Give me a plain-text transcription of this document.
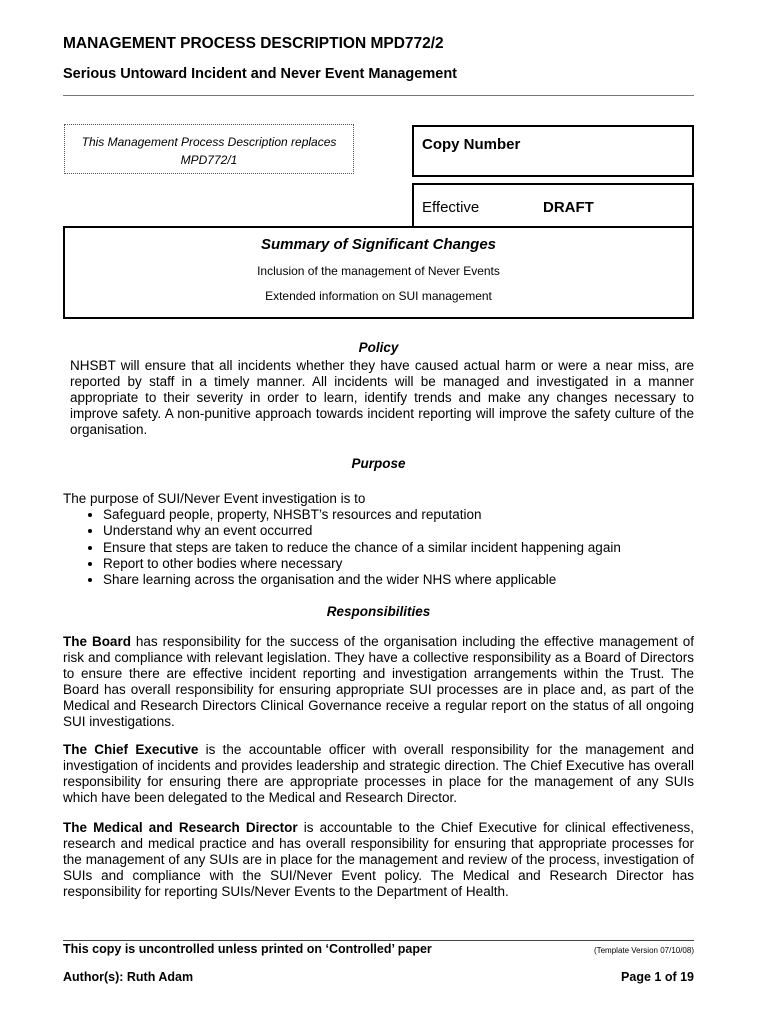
MANAGEMENT PROCESS DESCRIPTION MPD772/2
Serious Untoward Incident and Never Event Management
This Management Process Description replaces
MPD772/1
Copy Number
Effective	DRAFT
Summary of Significant Changes
Inclusion of the management of Never Events
Extended information on SUI management
Policy
NHSBT will ensure that all incidents whether they have caused actual harm or were a near miss, are reported by staff in a timely manner. All incidents will be managed and investigated in a manner appropriate to their severity in order to learn, identify trends and make any changes necessary to improve safety. A non-punitive approach towards incident reporting will improve the safety culture of the organisation.
Purpose
The purpose of SUI/Never Event investigation is to
• Safeguard people, property, NHSBT’s resources and reputation
• Understand why an event occurred
• Ensure that steps are taken to reduce the chance of a similar incident happening again
• Report to other bodies where necessary
• Share learning across the organisation and the wider NHS where applicable
Responsibilities
The Board has responsibility for the success of the organisation including the effective management of risk and compliance with relevant legislation. They have a collective responsibility as a Board of Directors to ensure there are effective incident reporting and investigation arrangements within the Trust. The Board has overall responsibility for ensuring appropriate SUI processes are in place and, as part of the Medical and Research Directors Clinical Governance receive a regular report on the status of all ongoing SUI investigations.
The Chief Executive is the accountable officer with overall responsibility for the management and investigation of incidents and provides leadership and strategic direction. The Chief Executive has overall responsibility for ensuring there are appropriate processes in place for the management of any SUIs which have been delegated to the Medical and Research Director.
The Medical and Research Director is accountable to the Chief Executive for clinical effectiveness, research and medical practice and has overall responsibility for ensuring that appropriate processes for the management of any SUIs are in place for the management and review of the process, investigation of SUIs and compliance with the SUI/Never Event policy. The Medical and Research Director has responsibility for reporting SUIs/Never Events to the Department of Health.
This copy is uncontrolled unless printed on ‘Controlled’ paper	(Template Version 07/10/08)
Author(s): Ruth Adam	Page 1 of 19
